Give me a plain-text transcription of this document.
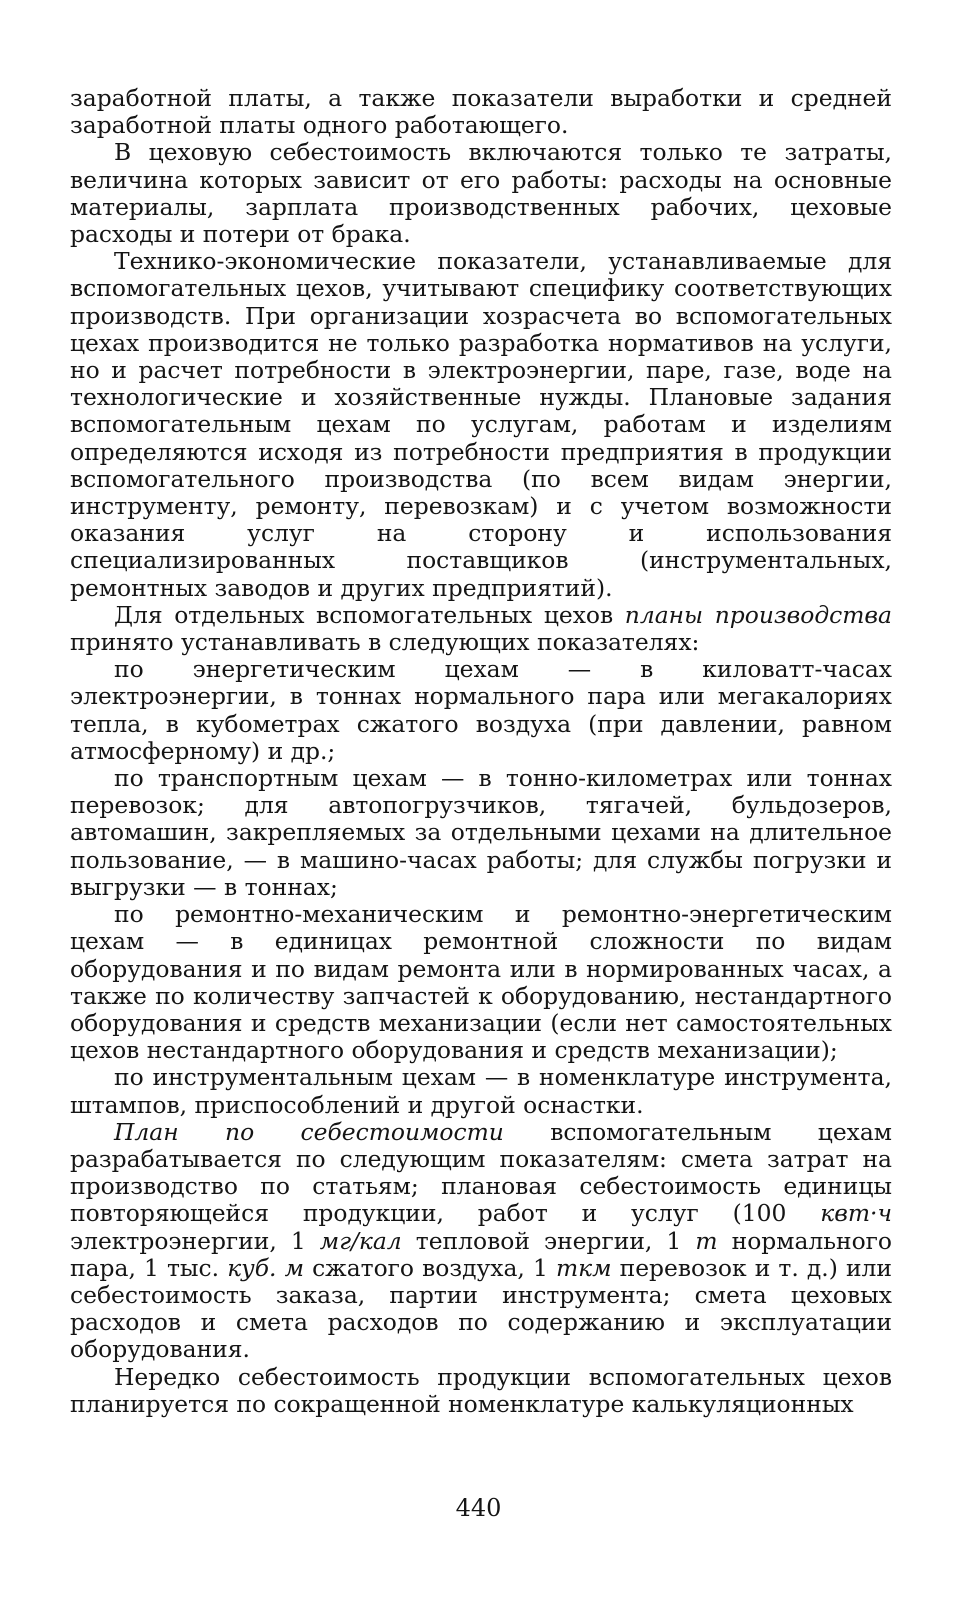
заработной платы, а также показатели выработки и средней заработной платы одного работающего.

В цеховую себестоимость включаются только те затраты, величина которых зависит от его работы: расходы на основные материалы, зарплата производственных рабочих, цеховые расходы и потери от брака.

Технико-экономические показатели, устанавливаемые для вспомогательных цехов, учитывают специфику соответствующих производств. При организации хозрасчета во вспомогательных цехах производится не только разработка нормативов на услуги, но и расчет потребности в электроэнергии, паре, газе, воде на технологические и хозяйственные нужды. Плановые задания вспомогательным цехам по услугам, работам и изделиям определяются исходя из потребности предприятия в продукции вспомогательного производства (по всем видам энергии, инструменту, ремонту, перевозкам) и с учетом возможности оказания услуг на сторону и использования специализированных поставщиков (инструментальных, ремонтных заводов и других предприятий).

Для отдельных вспомогательных цехов планы производства принято устанавливать в следующих показателях:

по энергетическим цехам — в киловатт-часах электроэнергии, в тоннах нормального пара или мегакалориях тепла, в кубометрах сжатого воздуха (при давлении, равном атмосферному) и др.;

по транспортным цехам — в тонно-километрах или тоннах перевозок; для автопогрузчиков, тягачей, бульдозеров, автомашин, закрепляемых за отдельными цехами на длительное пользование, — в машино-часах работы; для службы погрузки и выгрузки — в тоннах;

по ремонтно-механическим и ремонтно-энергетическим цехам — в единицах ремонтной сложности по видам оборудования и по видам ремонта или в нормированных часах, а также по количеству запчастей к оборудованию, нестандартного оборудования и средств механизации (если нет самостоятельных цехов нестандартного оборудования и средств механизации);

по инструментальным цехам — в номенклатуре инструмента, штампов, приспособлений и другой оснастки.

План по себестоимости вспомогательным цехам разрабатывается по следующим показателям: смета затрат на производство по статьям; плановая себестоимость единицы повторяющейся продукции, работ и услуг (100 квт·ч электроэнергии, 1 мг/кал тепловой энергии, 1 т нормального пара, 1 тыс. куб. м сжатого воздуха, 1 ткм перевозок и т. д.) или себестоимость заказа, партии инструмента; смета цеховых расходов и смета расходов по содержанию и эксплуатации оборудования.

Нередко себестоимость продукции вспомогательных цехов планируется по сокращенной номенклатуре калькуляционных

440
